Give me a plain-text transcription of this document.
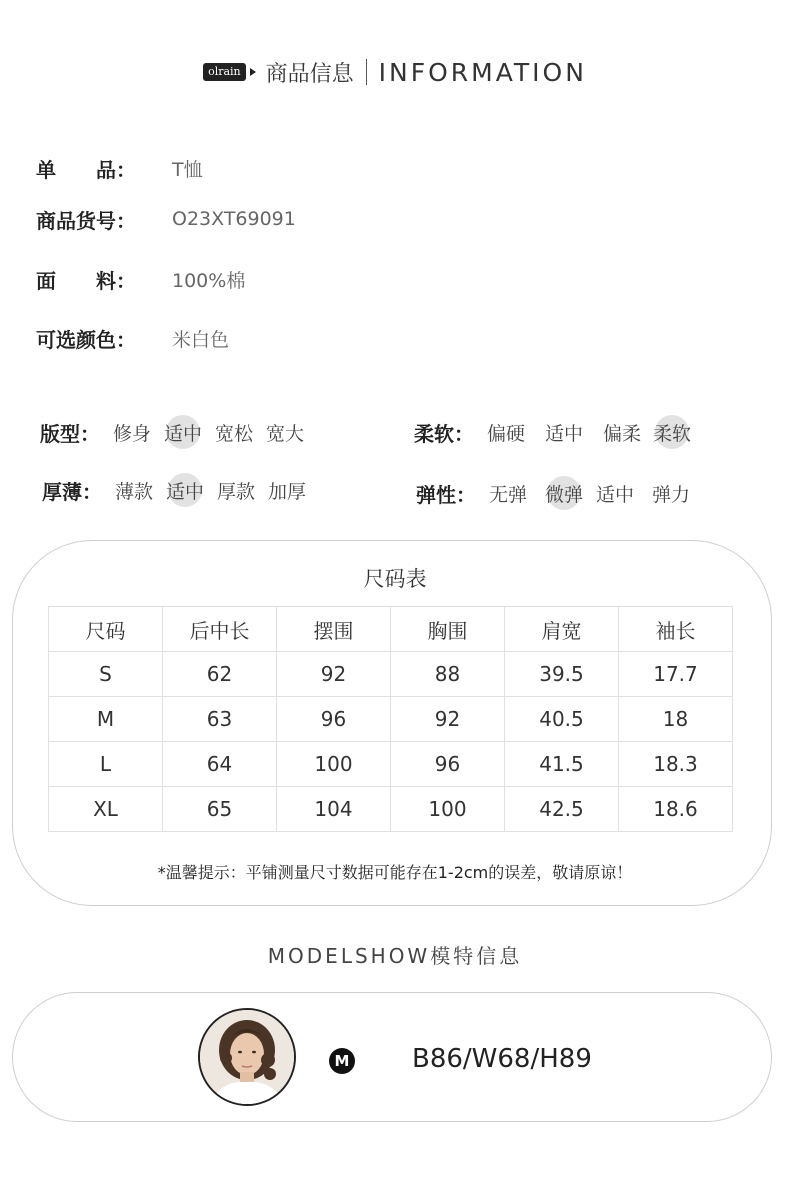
olrain 商品信息 INFORMATION
单　　品：	T恤
商品货号：	O23XT69091
面　　料：	100%棉
可选颜色：	米白色
版型： 修身 适中 宽松 宽大	柔软： 偏硬 适中 偏柔 柔软
厚薄： 薄款 适中 厚款 加厚	弹性： 无弹 微弹 适中 弹力
尺码表
尺码	后中长	摆围	胸围	肩宽	袖长
S	62	92	88	39.5	17.7
M	63	96	92	40.5	18
L	64	100	96	41.5	18.3
XL	65	104	100	42.5	18.6
*温馨提示：平铺测量尺寸数据可能存在1-2cm的误差，敬请原谅！
MODELSHOW模特信息
M B86/W68/H89
